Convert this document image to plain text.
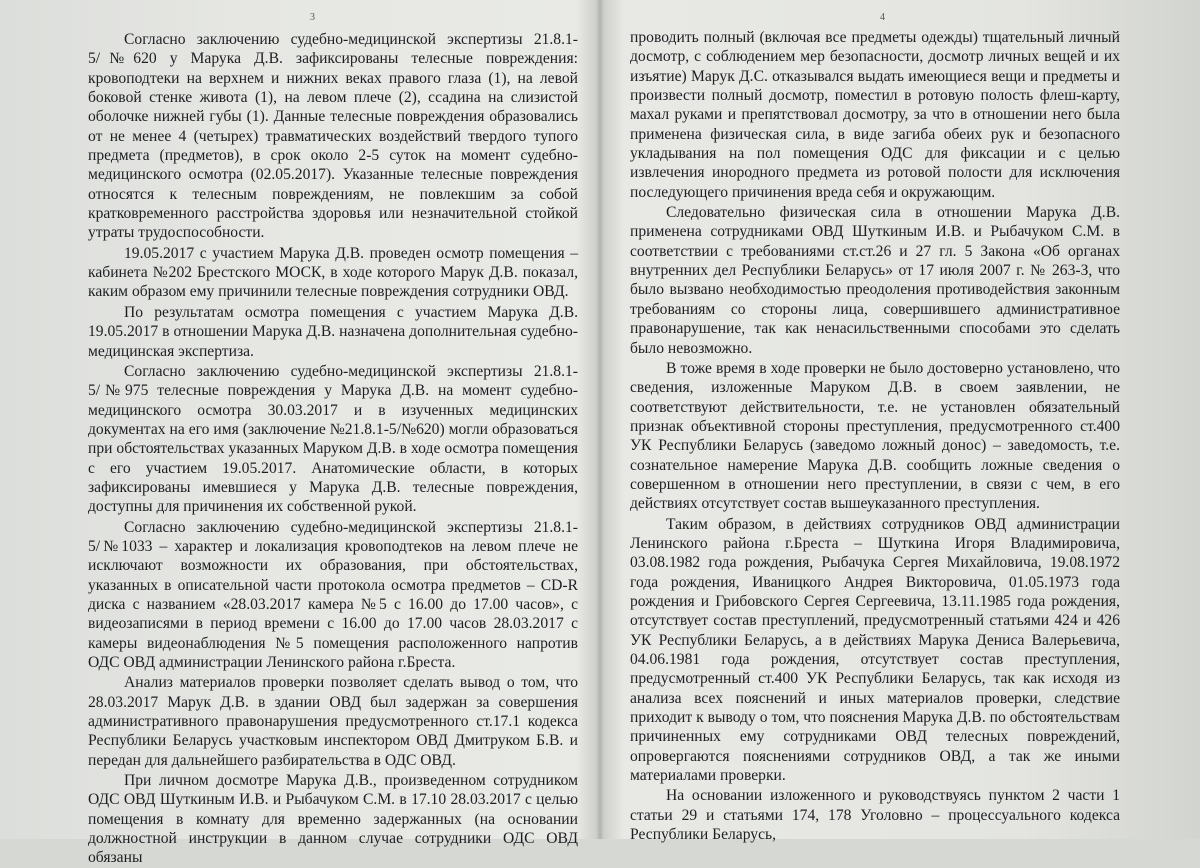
3

Согласно заключению судебно-медицинской экспертизы 21.8.1-5/№620 у Марука Д.В. зафиксированы телесные повреждения: кровоподтеки на верхнем и нижних веках правого глаза (1), на левой боковой стенке живота (1), на левом плече (2), ссадина на слизистой оболочке нижней губы (1). Данные телесные повреждения образовались от не менее 4 (четырех) травматических воздействий твердого тупого предмета (предметов), в срок около 2-5 суток на момент судебно-медицинского осмотра (02.05.2017). Указанные телесные повреждения относятся к телесным повреждениям, не повлекшим за собой кратковременного расстройства здоровья или незначительной стойкой утраты трудоспособности.

19.05.2017 с участием Марука Д.В. проведен осмотр помещения – кабинета №202 Брестского МОСК, в ходе которого Марук Д.В. показал, каким образом ему причинили телесные повреждения сотрудники ОВД.

По результатам осмотра помещения с участием Марука Д.В. 19.05.2017 в отношении Марука Д.В. назначена дополнительная судебно-медицинская экспертиза.

Согласно заключению судебно-медицинской экспертизы 21.8.1-5/№975 телесные повреждения у Марука Д.В. на момент судебно-медицинского осмотра 30.03.2017 и в изученных медицинских документах на его имя (заключение №21.8.1-5/№620) могли образоваться при обстоятельствах указанных Маруком Д.В. в ходе осмотра помещения с его участием 19.05.2017. Анатомические области, в которых зафиксированы имевшиеся у Марука Д.В. телесные повреждения, доступны для причинения их собственной рукой.

Согласно заключению судебно-медицинской экспертизы 21.8.1-5/№1033 – характер и локализация кровоподтеков на левом плече не исключают возможности их образования, при обстоятельствах, указанных в описательной части протокола осмотра предметов – CD-R диска с названием «28.03.2017 камера №5 с 16.00 до 17.00 часов», с видеозаписями в период времени с 16.00 до 17.00 часов 28.03.2017 с камеры видеонаблюдения №5 помещения расположенного напротив ОДС ОВД администрации Ленинского района г.Бреста.

Анализ материалов проверки позволяет сделать вывод о том, что 28.03.2017 Марук Д.В. в здании ОВД был задержан за совершения административного правонарушения предусмотренного ст.17.1 кодекса Республики Беларусь участковым инспектором ОВД Дмитруком Б.В. и передан для дальнейшего разбирательства в ОДС ОВД.

При личном досмотре Марука Д.В., произведенном сотрудником ОДС ОВД Шуткиным И.В. и Рыбачуком С.М. в 17.10 28.03.2017 с целью помещения в комнату для временно задержанных (на основании должностной инструкции в данном случае сотрудники ОДС ОВД обязаны

4

проводить полный (включая все предметы одежды) тщательный личный досмотр, с соблюдением мер безопасности, досмотр личных вещей и их изъятие) Марук Д.С. отказывался выдать имеющиеся вещи и предметы и произвести полный досмотр, поместил в ротовую полость флеш-карту, махал руками и препятствовал досмотру, за что в отношении него была применена физическая сила, в виде загиба обеих рук и безопасного укладывания на пол помещения ОДС для фиксации и с целью извлечения инородного предмета из ротовой полости для исключения последующего причинения вреда себя и окружающим.

Следовательно физическая сила в отношении Марука Д.В. применена сотрудниками ОВД Шуткиным И.В. и Рыбачуком С.М. в соответствии с требованиями ст.ст.26 и 27 гл. 5 Закона «Об органах внутренних дел Республики Беларусь» от 17 июля 2007 г. № 263-З, что было вызвано необходимостью преодоления противодействия законным требованиям со стороны лица, совершившего административное правонарушение, так как ненасильственными способами это сделать было невозможно.

В тоже время в ходе проверки не было достоверно установлено, что сведения, изложенные Маруком Д.В. в своем заявлении, не соответствуют действительности, т.е. не установлен обязательный признак объективной стороны преступления, предусмотренного ст.400 УК Республики Беларусь (заведомо ложный донос) – заведомость, т.е. сознательное намерение Марука Д.В. сообщить ложные сведения о совершенном в отношении него преступлении, в связи с чем, в его действиях отсутствует состав вышеуказанного преступления.

Таким образом, в действиях сотрудников ОВД администрации Ленинского района г.Бреста – Шуткина Игоря Владимировича, 03.08.1982 года рождения, Рыбачука Сергея Михайловича, 19.08.1972 года рождения, Иваницкого Андрея Викторовича, 01.05.1973 года рождения и Грибовского Сергея Сергеевича, 13.11.1985 года рождения, отсутствует состав преступлений, предусмотренный статьями 424 и 426 УК Республики Беларусь, а в действиях Марука Дениса Валерьевича, 04.06.1981 года рождения, отсутствует состав преступления, предусмотренный ст.400 УК Республики Беларусь, так как исходя из анализа всех пояснений и иных материалов проверки, следствие приходит к выводу о том, что пояснения Марука Д.В. по обстоятельствам причиненных ему сотрудниками ОВД телесных повреждений, опровергаются пояснениями сотрудников ОВД, а так же иными материалами проверки.

На основании изложенного и руководствуясь пунктом 2 части 1 статьи 29 и статьями 174, 178 Уголовно – процессуального кодекса Республики Беларусь,
